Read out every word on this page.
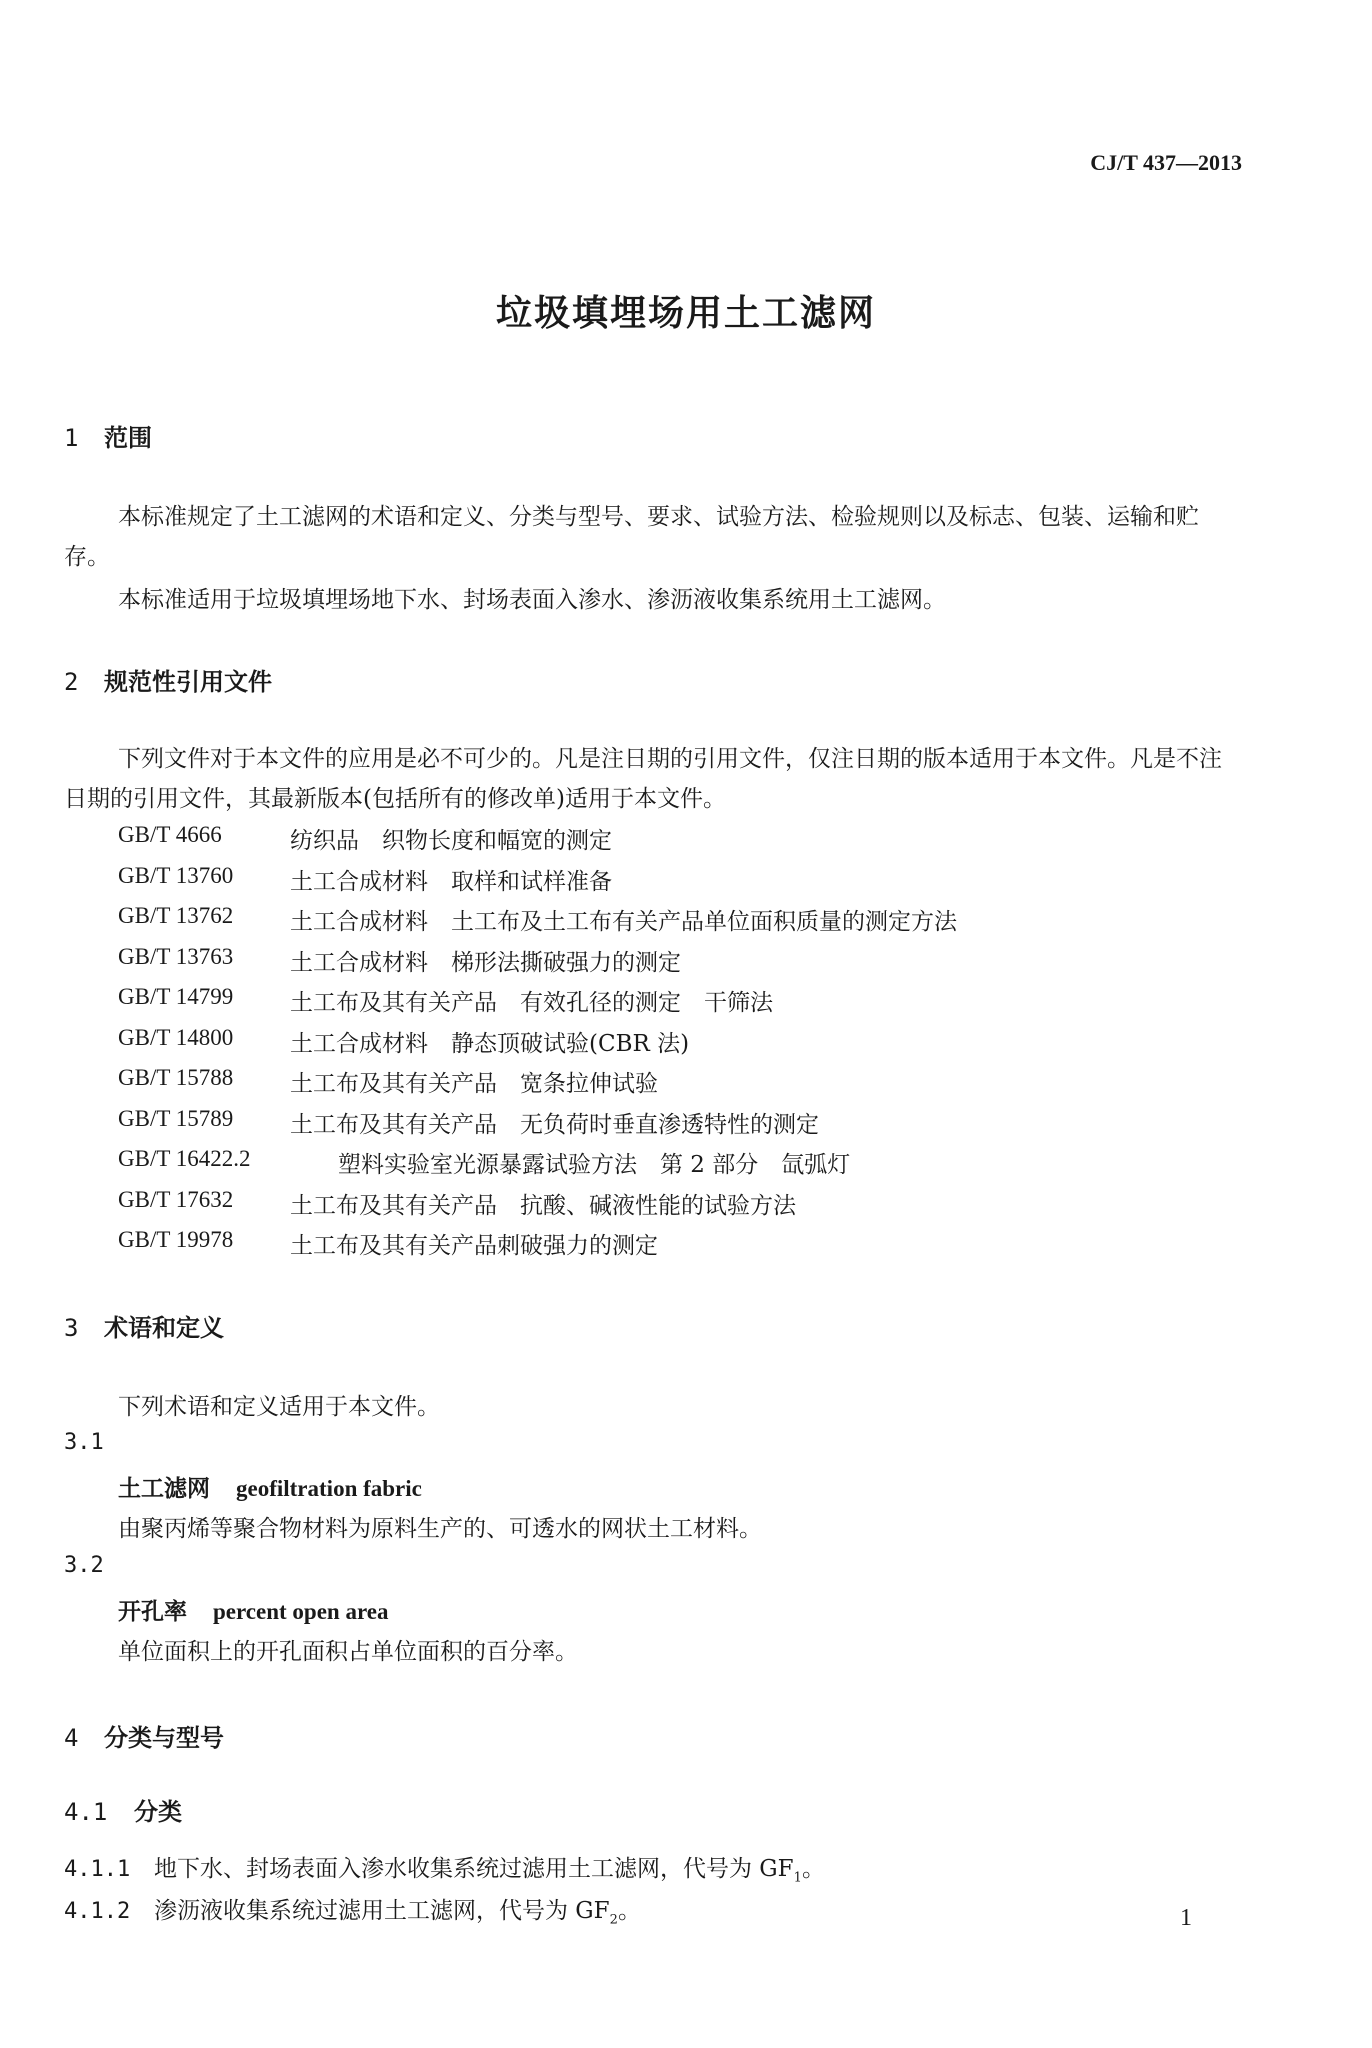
CJ/T 437—2013
垃圾填埋场用土工滤网
1 范围
本标准规定了土工滤网的术语和定义、分类与型号、要求、试验方法、检验规则以及标志、包装、运输和贮存。
本标准适用于垃圾填埋场地下水、封场表面入渗水、渗沥液收集系统用土工滤网。
2 规范性引用文件
下列文件对于本文件的应用是必不可少的。凡是注日期的引用文件，仅注日期的版本适用于本文件。凡是不注日期的引用文件，其最新版本(包括所有的修改单)适用于本文件。
GB/T 4666	纺织品　织物长度和幅宽的测定
GB/T 13760 土工合成材料　取样和试样准备
GB/T 13762 土工合成材料　土工布及土工布有关产品单位面积质量的测定方法
GB/T 13763 土工合成材料　梯形法撕破强力的测定
GB/T 14799 土工布及其有关产品　有效孔径的测定　干筛法
GB/T 14800 土工合成材料　静态顶破试验(CBR 法)
GB/T 15788 土工布及其有关产品　宽条拉伸试验
GB/T 15789 土工布及其有关产品　无负荷时垂直渗透特性的测定
GB/T 16422.2	塑料实验室光源暴露试验方法　第 2 部分　氙弧灯
GB/T 17632 土工布及其有关产品　抗酸、碱液性能的试验方法
GB/T 19978 土工布及其有关产品刺破强力的测定
3 术语和定义
下列术语和定义适用于本文件。
3.1
土工滤网 geofiltration fabric
由聚丙烯等聚合物材料为原料生产的、可透水的网状土工材料。
3.2
开孔率 percent open area
单位面积上的开孔面积占单位面积的百分率。
4 分类与型号
4.1 分类
4.1.1 地下水、封场表面入渗水收集系统过滤用土工滤网，代号为 $GF_1$。
4.1.2 渗沥液收集系统过滤用土工滤网，代号为 $GF_2$。	1
